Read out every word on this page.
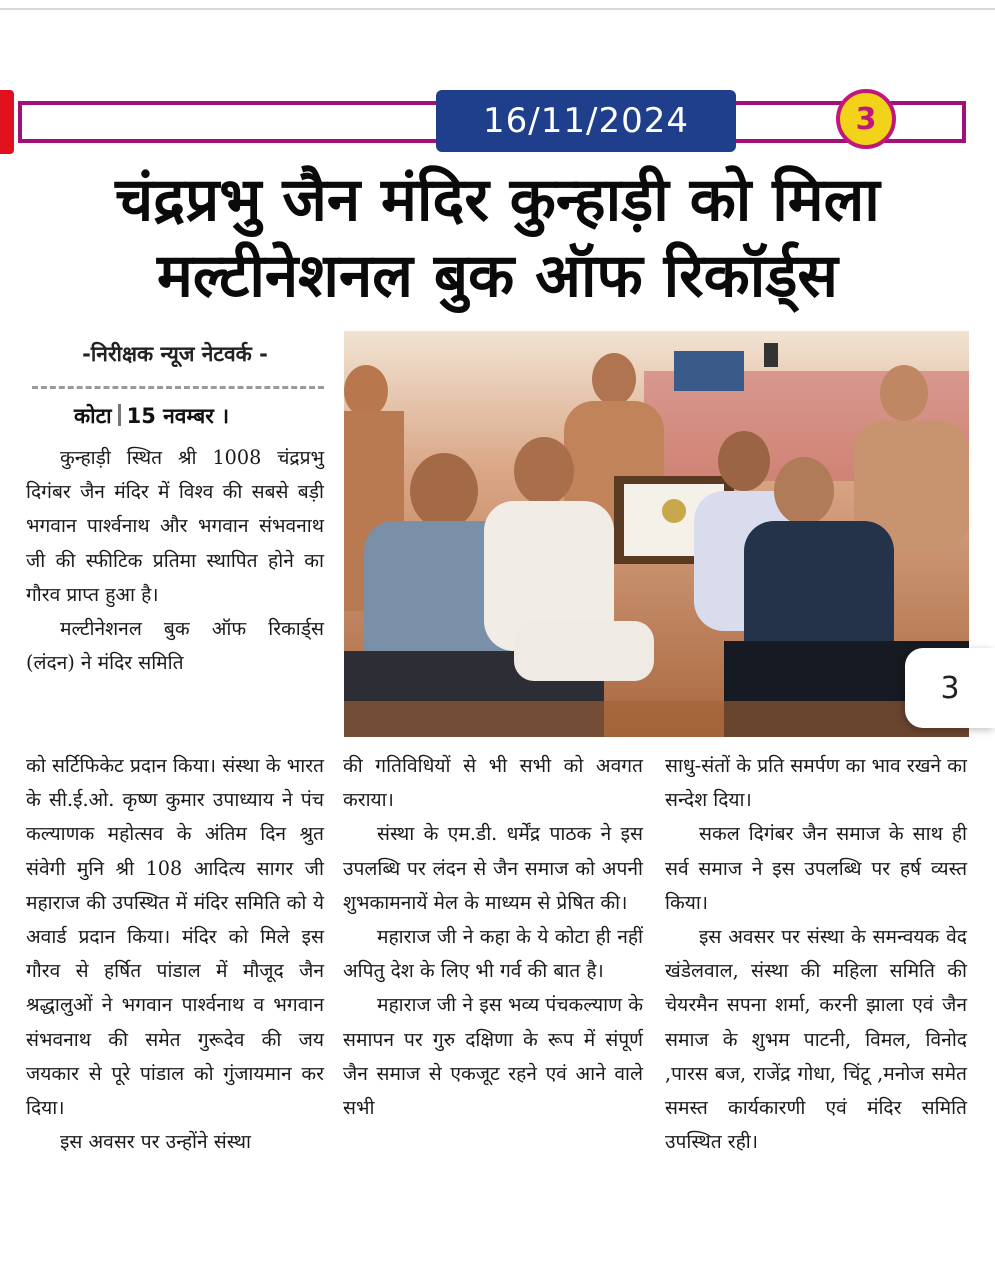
16/11/2024	3
चंद्रप्रभु जैन मंदिर कुन्हाड़ी को मिला
मल्टीनेशनल बुक ऑफ रिकॉर्ड्स
-निरीक्षक न्यूज नेटवर्क -
कोटा 15 नवम्बर ।

कुन्हाड़ी स्थित श्री 1008 चंद्रप्रभु दिगंबर जैन मंदिर में विश्व की सबसे बड़ी भगवान पार्श्वनाथ और भगवान संभवनाथ जी की स्फीटिक प्रतिमा स्थापित होने का गौरव प्राप्त हुआ है।

मल्टीनेशनल बुक ऑफ रिकार्ड्स (लंदन) ने मंदिर समिति

3

को सर्टिफिकेट प्रदान किया। संस्था के भारत के सी.ई.ओ. कृष्ण कुमार उपाध्याय ने पंच कल्याणक महोत्सव के अंतिम दिन श्रुत संवेगी मुनि श्री 108 आदित्य सागर जी महाराज की उपस्थित में मंदिर समिति को ये अवार्ड प्रदान किया। मंदिर को मिले इस गौरव से हर्षित पांडाल में मौजूद जैन श्रद्धालुओं ने भगवान पार्श्वनाथ व भगवान संभवनाथ की समेत गुरूदेव की जय जयकार से पूरे पांडाल को गुंजायमान कर दिया।

इस अवसर पर उन्होंने संस्था

की गतिविधियों से भी सभी को अवगत कराया।

संस्था के एम.डी. धर्मेंद्र पाठक ने इस उपलब्धि पर लंदन से जैन समाज को अपनी शुभकामनायें मेल के माध्यम से प्रेषित की।

महाराज जी ने कहा के ये कोटा ही नहीं अपितु देश के लिए भी गर्व की बात है।

महाराज जी ने इस भव्य पंचकल्याण के समापन पर गुरु दक्षिणा के रूप में संपूर्ण जैन समाज से एकजूट रहने एवं आने वाले सभी

साधु-संतों के प्रति समर्पण का भाव रखने का सन्देश दिया।

सकल दिगंबर जैन समाज के साथ ही सर्व समाज ने इस उपलब्धि पर हर्ष व्यस्त किया।

इस अवसर पर संस्था के समन्वयक वेद खंडेलवाल, संस्था की महिला समिति की चेयरमैन सपना शर्मा, करनी झाला एवं जैन समाज के शुभम पाटनी, विमल, विनोद ,पारस बज, राजेंद्र गोधा, चिंटू ,मनोज समेत समस्त कार्यकारणी एवं मंदिर समिति उपस्थित रही।
